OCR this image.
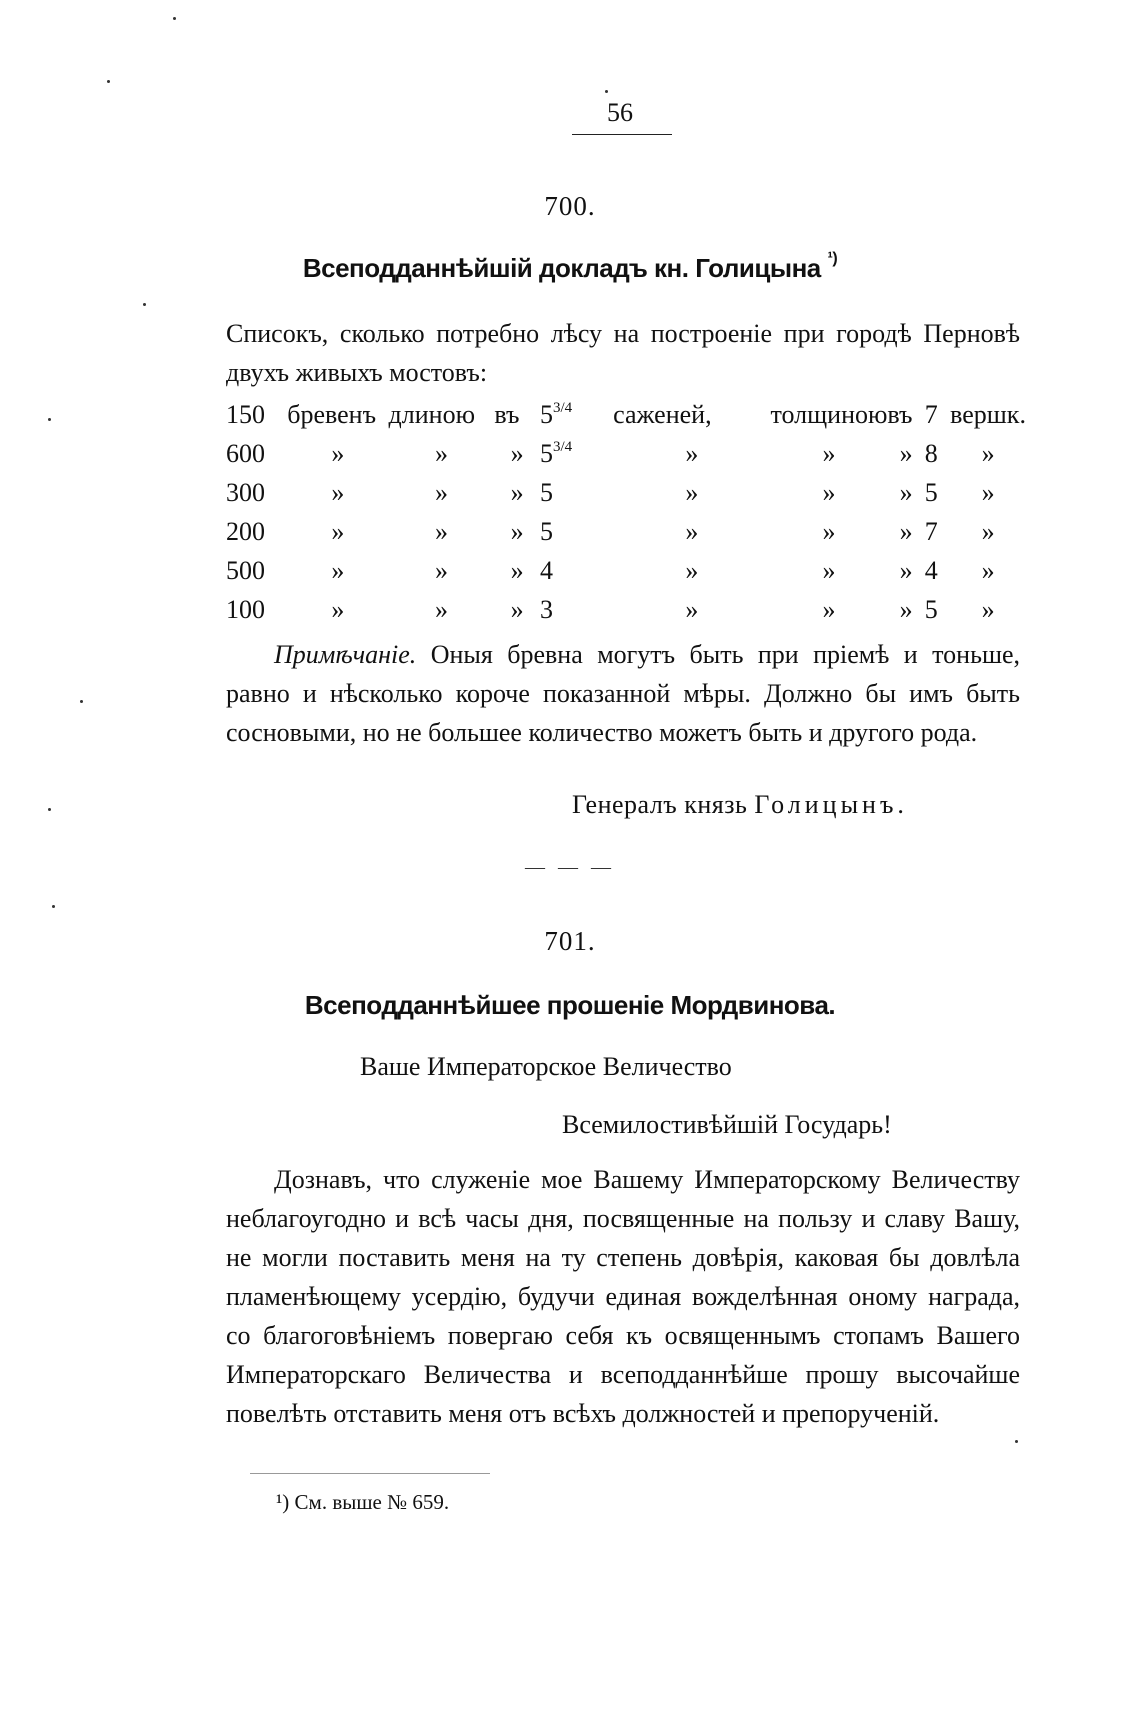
56
700.
Всеподданнѣйшій докладъ кн. Голицына $^{^1)}$
Списокъ, сколько потребно лѣсу на построеніе при городѣ Перновѣ двухъ живыхъ мостовъ:
150	бревенъ	длиною	въ	$5^{3/4}$	саженей,	толщиною	въ	7	вершк.
600	»	»	»	$5^{3/4}$	»	»	»	8	»
300	»	»	»	5	»	»	»	5	»
200	»	»	»	5	»	»	»	7	»
500	»	»	»	4	»	»	»	4	»
100	»	»	»	3	»	»	»	5	»
Примѣчаніе. Оныя бревна могутъ быть при пріемѣ и тоньше, равно и нѣсколько короче показанной мѣры. Должно бы имъ быть сосновыми, но не большее количество можетъ быть и другого рода.
Генералъ князь Голицынъ.
— — —
701.
Всеподданнѣйшее прошеніе Мордвинова.
Ваше Императорское Величество
Всемилостивѣйшій Государь!
Дознавъ, что служеніе мое Вашему Императорскому Величеству неблагоугодно и всѣ часы дня, посвященные на пользу и славу Вашу, не могли поставить меня на ту степень довѣрія, каковая бы довлѣла пламенѣющему усердію, будучи единая вожделѣнная оному награда, со благоговѣніемъ повергаю себя къ освященнымъ стопамъ Вашего Императорскаго Величества и всеподданнѣйше прошу высочайше повелѣть отставить меня отъ всѣхъ должностей и препорученій.
¹) См. выше № 659.
